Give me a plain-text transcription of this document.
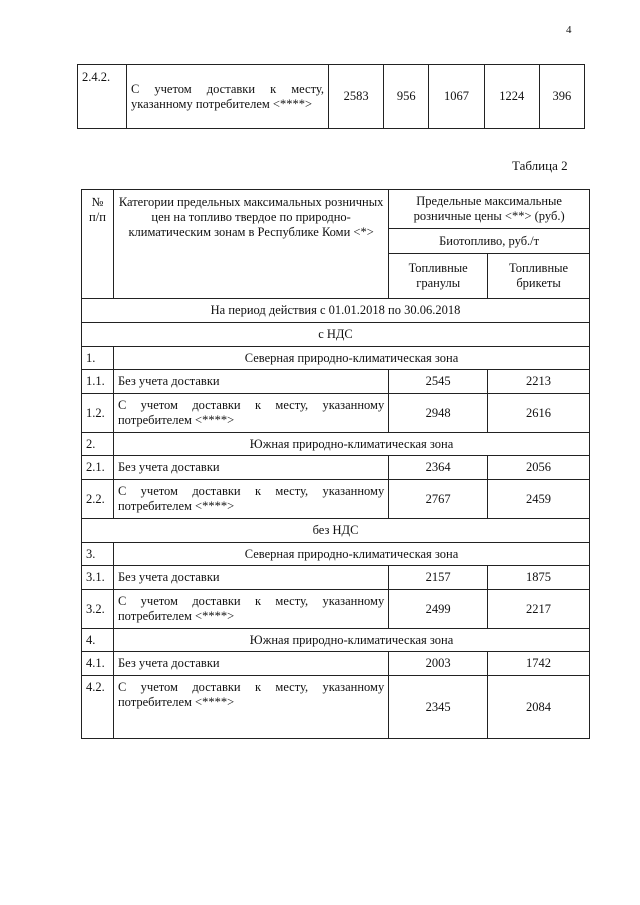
4
2.4.2.	С учетом доставки к месту, указанному потребителем <****>	2583	956	1067	1224	396
Таблица 2
№ п/п	Категории предельных максимальных розничных цен на топливо твердое по природно-климатическим зонам в Республике Коми <*>	Предельные максимальные розничные цены <**> (руб.)	
		Биотопливо, руб./т	
		Топливные гранулы	Топливные брикеты
На период действия с 01.01.2018 по 30.06.2018			
с НДС			
1.	Северная природно-климатическая зона		
1.1.	Без учета доставки	2545	2213
1.2.	С учетом доставки к месту, указанному потребителем <****>	2948	2616
2.	Южная природно-климатическая зона		
2.1.	Без учета доставки	2364	2056
2.2.	С учетом доставки к месту, указанному потребителем <****>	2767	2459
без НДС			
3.	Северная природно-климатическая зона		
3.1.	Без учета доставки	2157	1875
3.2.	С учетом доставки к месту, указанному потребителем <****>	2499	2217
4.	Южная природно-климатическая зона		
4.1.	Без учета доставки	2003	1742
4.2.	С учетом доставки к месту, указанному потребителем <****>	2345	2084
